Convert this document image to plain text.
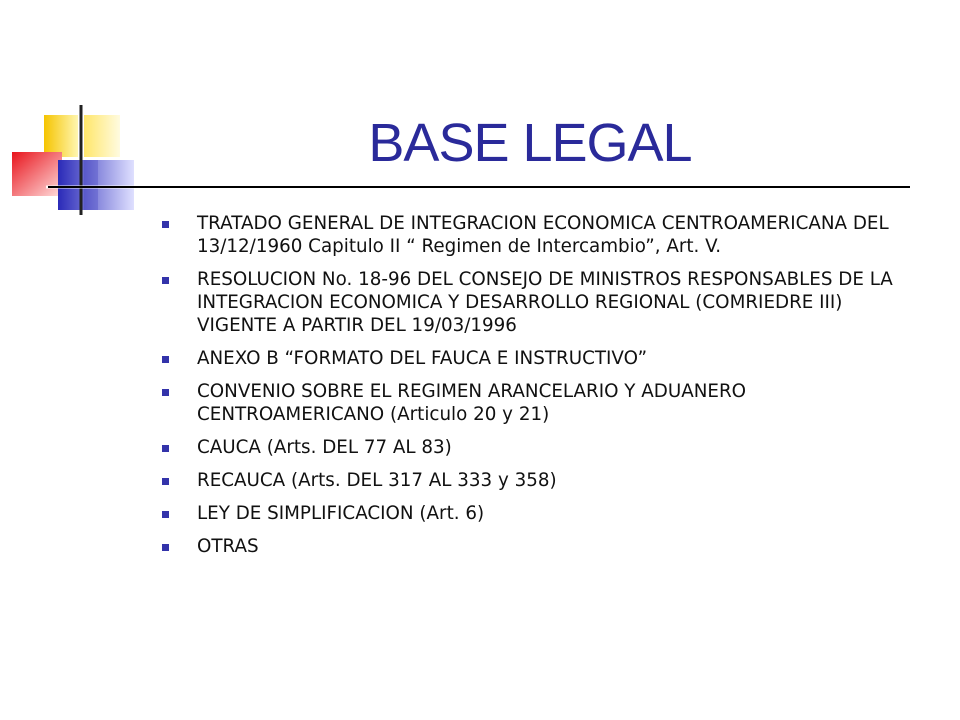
BASE LEGAL
TRATADO GENERAL DE INTEGRACION ECONOMICA CENTROAMERICANA DEL 13/12/1960 Capitulo II “ Regimen de Intercambio”, Art. V.
RESOLUCION No. 18-96 DEL CONSEJO DE MINISTROS RESPONSABLES DE LA INTEGRACION ECONOMICA Y DESARROLLO REGIONAL (COMRIEDRE III) VIGENTE A PARTIR DEL 19/03/1996
ANEXO B “FORMATO DEL FAUCA E INSTRUCTIVO”
CONVENIO SOBRE EL REGIMEN ARANCELARIO Y ADUANERO CENTROAMERICANO (Articulo 20 y 21)
CAUCA (Arts. DEL 77 AL 83)
RECAUCA (Arts. DEL 317 AL 333 y 358)
LEY DE SIMPLIFICACION (Art. 6)
OTRAS
